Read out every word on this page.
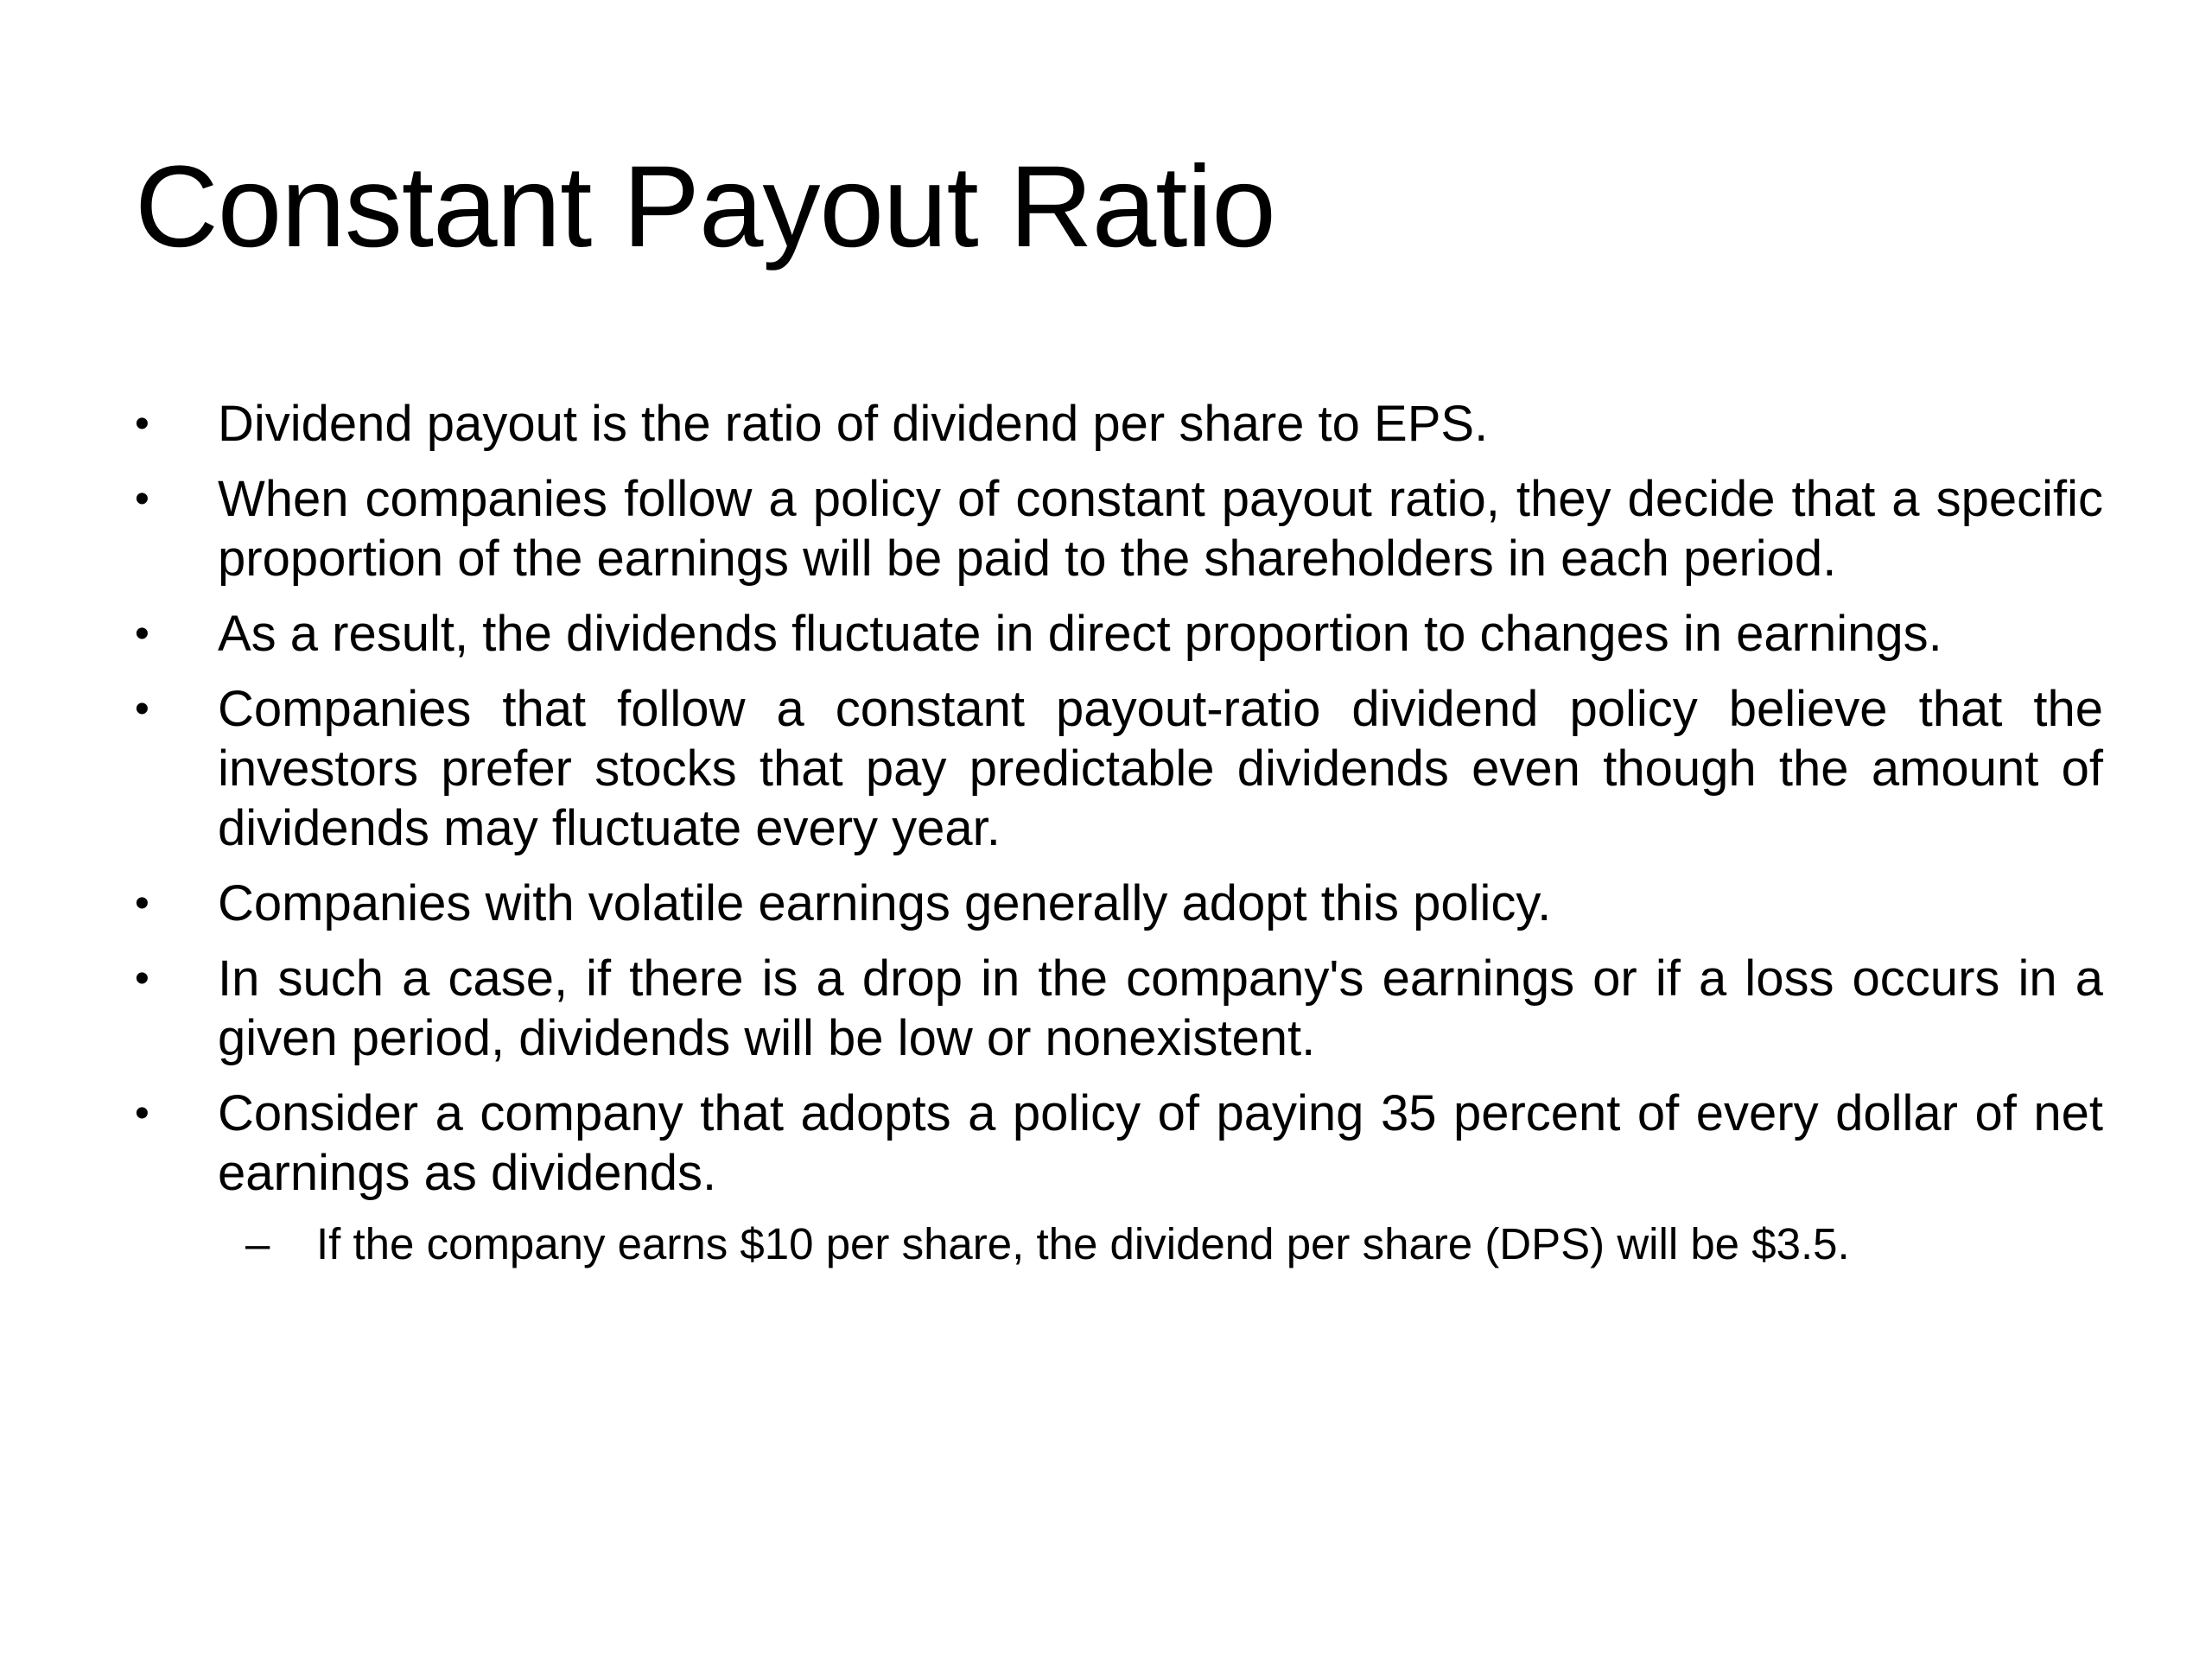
Constant Payout Ratio
•	Dividend payout is the ratio of dividend per share to EPS.
•	When companies follow a policy of constant payout ratio, they decide that a specific proportion of the earnings will be paid to the shareholders in each period.
•	As a result, the dividends fluctuate in direct proportion to changes in earnings.
•	Companies that follow a constant payout-ratio dividend policy believe that the investors prefer stocks that pay predictable dividends even though the amount of dividends may fluctuate every year.
•	Companies with volatile earnings generally adopt this policy.
•	In such a case, if there is a drop in the company's earnings or if a loss occurs in a given period, dividends will be low or nonexistent.
•	Consider a company that adopts a policy of paying 35 percent of every dollar of net earnings as dividends.
– If the company earns $10 per share, the dividend per share (DPS) will be $3.5.
